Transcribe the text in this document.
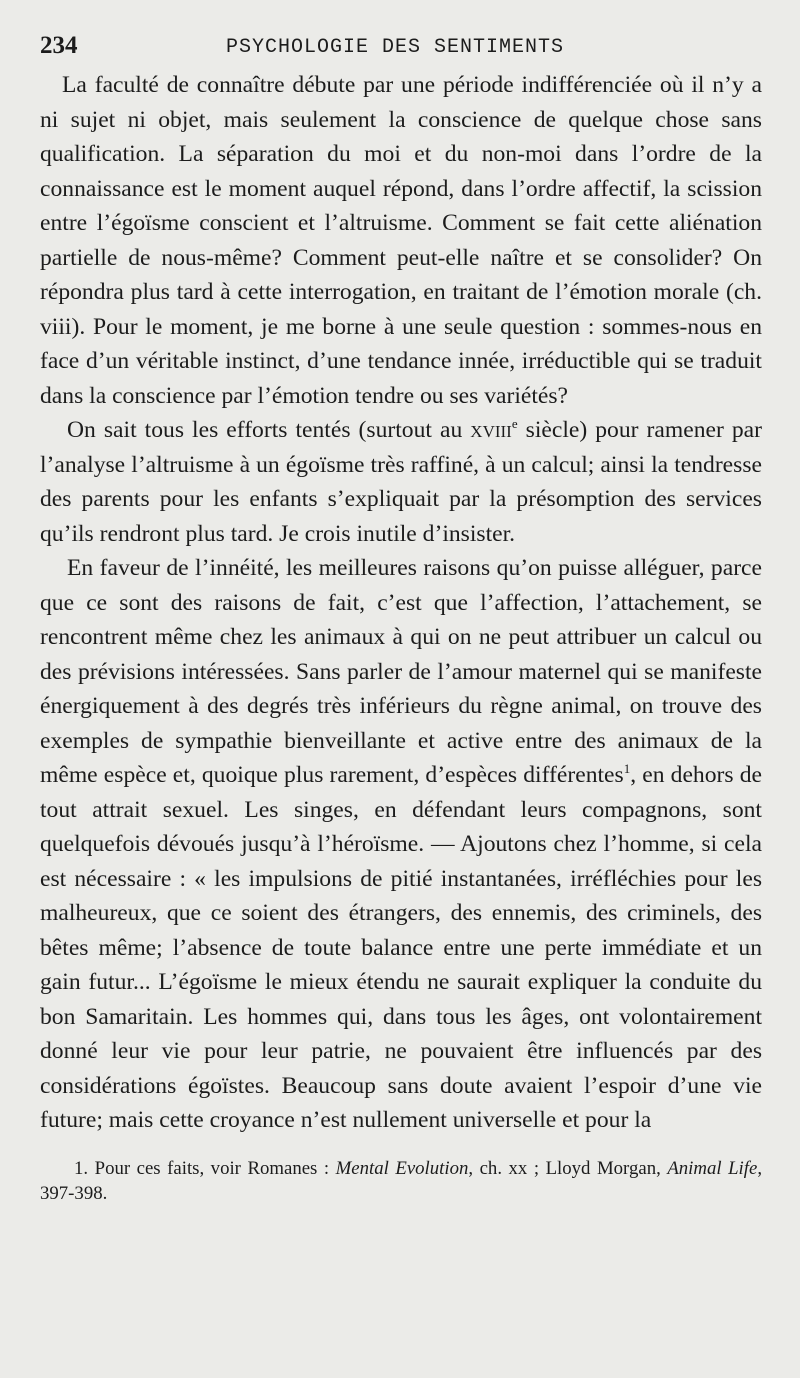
234	PSYCHOLOGIE DES SENTIMENTS

La faculté de connaître débute par une période indifférenciée où il n’y a ni sujet ni objet, mais seulement la conscience de quelque chose sans qualification. La séparation du moi et du non-moi dans l’ordre de la connaissance est le moment auquel répond, dans l’ordre affectif, la scission entre l’égoïsme conscient et l’altruisme. Comment se fait cette aliénation partielle de nous-même? Comment peut-elle naître et se consolider? On répondra plus tard à cette interrogation, en traitant de l’émotion morale (ch. viii). Pour le moment, je me borne à une seule question : sommes-nous en face d’un véritable instinct, d’une tendance innée, irréductible qui se traduit dans la conscience par l’émotion tendre ou ses variétés?

On sait tous les efforts tentés (surtout au xviii$^e$ siècle) pour ramener par l’analyse l’altruisme à un égoïsme très raffiné, à un calcul; ainsi la tendresse des parents pour les enfants s’expliquait par la présomption des services qu’ils rendront plus tard. Je crois inutile d’insister.

En faveur de l’innéité, les meilleures raisons qu’on puisse alléguer, parce que ce sont des raisons de fait, c’est que l’affection, l’attachement, se rencontrent même chez les animaux à qui on ne peut attribuer un calcul ou des prévisions intéressées. Sans parler de l’amour maternel qui se manifeste énergiquement à des degrés très inférieurs du règne animal, on trouve des exemples de sympathie bienveillante et active entre des animaux de la même espèce et, quoique plus rarement, d’espèces différentes$^1$, en dehors de tout attrait sexuel. Les singes, en défendant leurs compagnons, sont quelquefois dévoués jusqu’à l’héroïsme. — Ajoutons chez l’homme, si cela est nécessaire : « les impulsions de pitié instantanées, irréfléchies pour les malheureux, que ce soient des étrangers, des ennemis, des criminels, des bêtes même; l’absence de toute balance entre une perte immédiate et un gain futur... L’égoïsme le mieux étendu ne saurait expliquer la conduite du bon Samaritain. Les hommes qui, dans tous les âges, ont volontairement donné leur vie pour leur patrie, ne pouvaient être influencés par des considérations égoïstes. Beaucoup sans doute avaient l’espoir d’une vie future; mais cette croyance n’est nullement universelle et pour la

1. Pour ces faits, voir Romanes : Mental Evolution, ch. xx ; Lloyd Morgan, Animal Life, 397-398.
